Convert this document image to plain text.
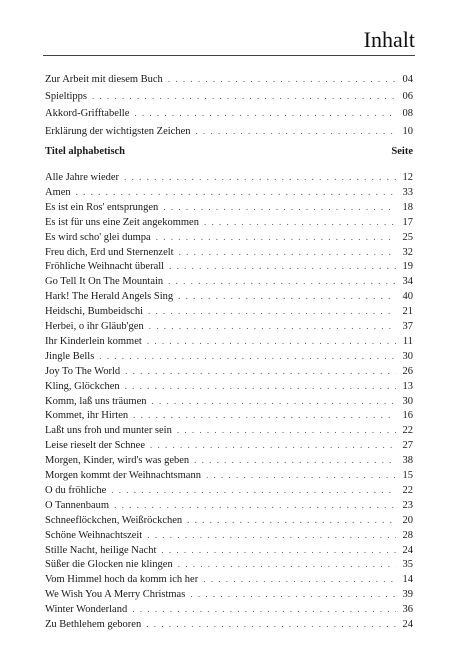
Inhalt
Zur Arbeit mit diesem Buch . . .	04
Spieltipps . . .	06
Akkord-Grifftabelle . . .	08
Erklärung der wichtigsten Zeichen . . .	10
Titel alphabetisch	Seite
Alle Jahre wieder . . .	12
Amen . . .	33
Es ist ein Ros' entsprungen . . .	18
Es ist für uns eine Zeit angekommen . . .	17
Es wird scho' glei dumpa . . .	25
Freu dich, Erd und Sternenzelt . . .	32
Fröhliche Weihnacht überall . . .	19
Go Tell It On The Mountain . . .	34
Hark! The Herald Angels Sing . . .	40
Heidschi, Bumbeidschi . . .	21
Herbei, o ihr Gläub'gen . . .	37
Ihr Kinderlein kommet . . .	11
Jingle Bells . . .	30
Joy To The World . . .	26
Kling, Glöckchen . . .	13
Komm, laß uns träumen . . .	30
Kommet, ihr Hirten . . .	16
Laßt uns froh und munter sein . . .	22
Leise rieselt der Schnee . . .	27
Morgen, Kinder, wird's was geben . . .	38
Morgen kommt der Weihnachtsmann . . .	15
O du fröhliche . . .	22
O Tannenbaum . . .	23
Schneeflöckchen, Weißröckchen . . .	20
Schöne Weihnachtszeit . . .	28
Stille Nacht, heilige Nacht . . .	24
Süßer die Glocken nie klingen . . .	35
Vom Himmel hoch da komm ich her . . .	14
We Wish You A Merry Christmas . . .	39
Winter Wonderland . . .	36
Zu Bethlehem geboren . . .	24
